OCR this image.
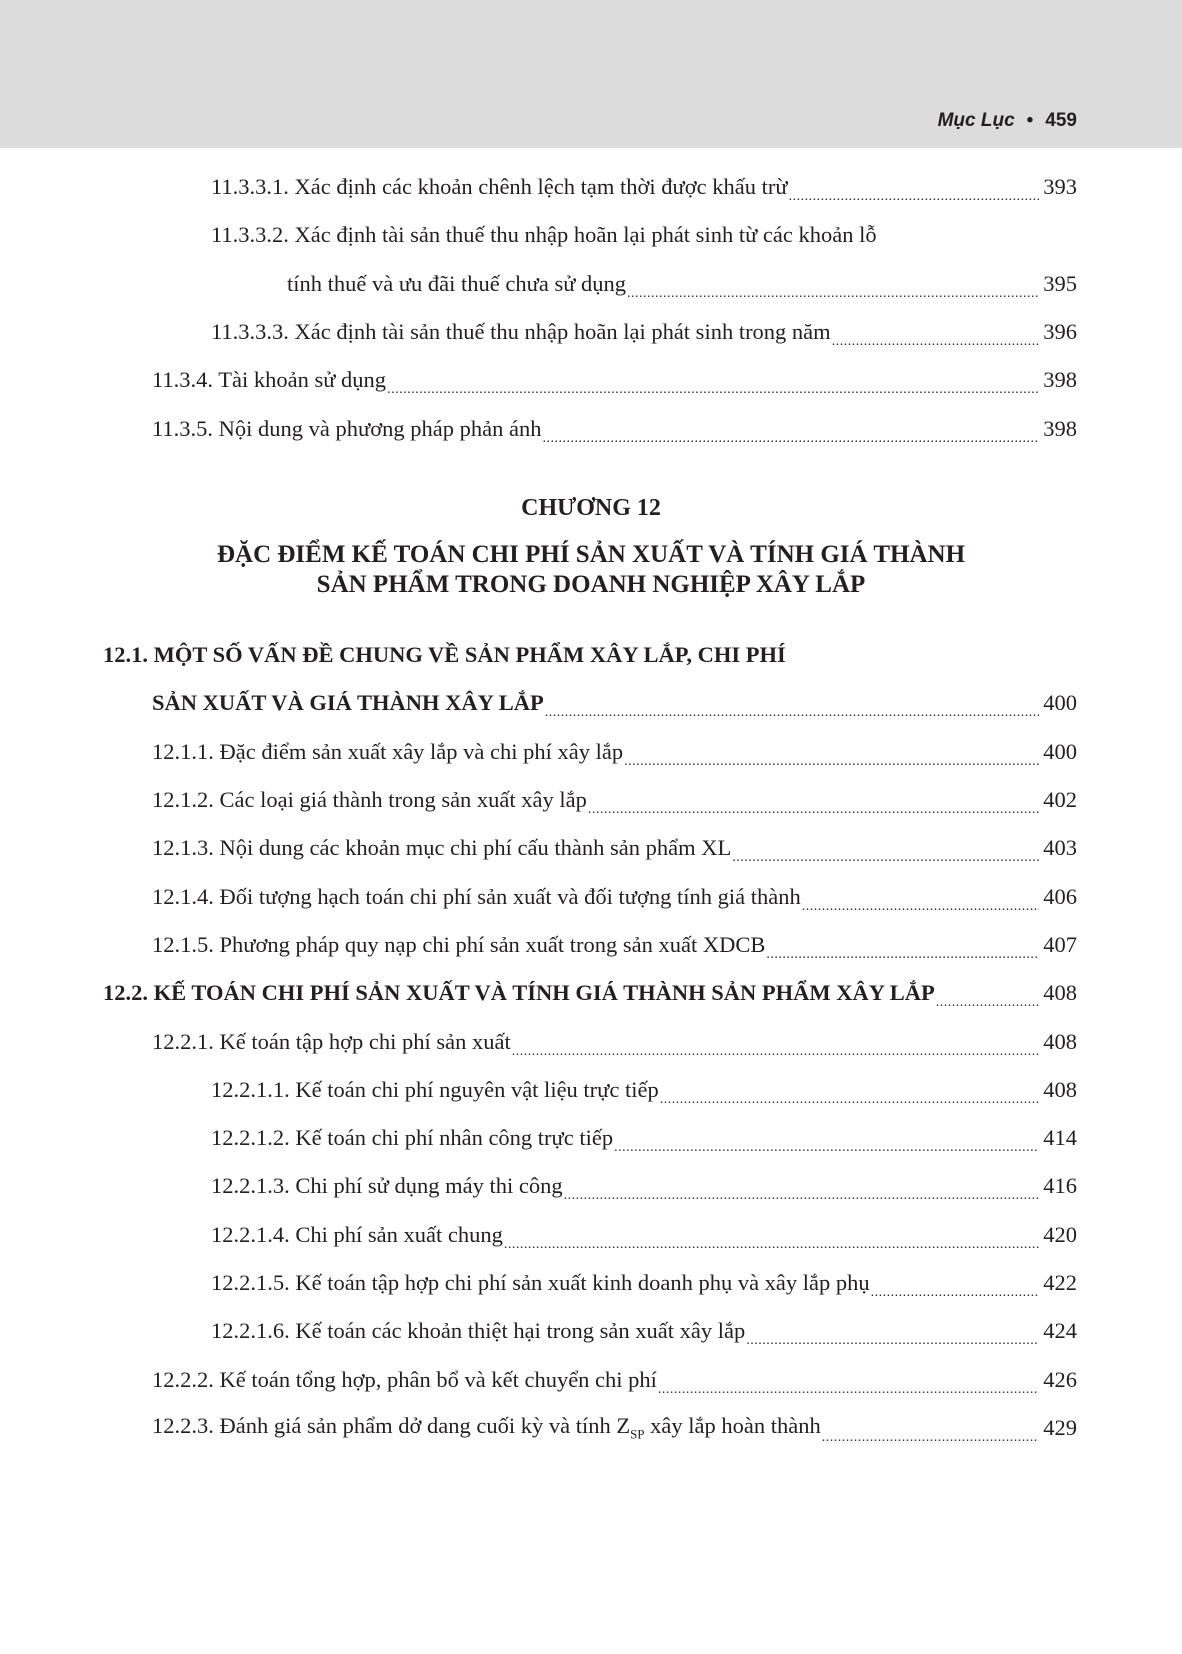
Mục Lục • 459
11.3.3.1. Xác định các khoản chênh lệch tạm thời được khấu trừ .....	393
11.3.3.2. Xác định tài sản thuế thu nhập hoãn lại phát sinh từ các khoản lỗ
tính thuế và ưu đãi thuế chưa sử dụng .....	395
11.3.3.3. Xác định tài sản thuế thu nhập hoãn lại phát sinh trong năm .....	396
11.3.4. Tài khoản sử dụng .....	398
11.3.5. Nội dung và phương pháp phản ánh .....	398
CHƯƠNG 12
ĐẶC ĐIỂM KẾ TOÁN CHI PHÍ SẢN XUẤT VÀ TÍNH GIÁ THÀNH
SẢN PHẨM TRONG DOANH NGHIỆP XÂY LẮP
12.1. MỘT SỐ VẤN ĐỀ CHUNG VỀ SẢN PHẨM XÂY LẮP, CHI PHÍ
SẢN XUẤT VÀ GIÁ THÀNH XÂY LẮP .....	400
12.1.1. Đặc điểm sản xuất xây lắp và chi phí xây lắp .....	400
12.1.2. Các loại giá thành trong sản xuất xây lắp .....	402
12.1.3. Nội dung các khoản mục chi phí cấu thành sản phẩm XL .....	403
12.1.4. Đối tượng hạch toán chi phí sản xuất và đối tượng tính giá thành .....	406
12.1.5. Phương pháp quy nạp chi phí sản xuất trong sản xuất XDCB .....	407
12.2. KẾ TOÁN CHI PHÍ SẢN XUẤT VÀ TÍNH GIÁ THÀNH SẢN PHẨM XÂY LẮP .....	408
12.2.1. Kế toán tập hợp chi phí sản xuất .....	408
12.2.1.1. Kế toán chi phí nguyên vật liệu trực tiếp .....	408
12.2.1.2. Kế toán chi phí nhân công trực tiếp .....	414
12.2.1.3. Chi phí sử dụng máy thi công .....	416
12.2.1.4. Chi phí sản xuất chung .....	420
12.2.1.5. Kế toán tập hợp chi phí sản xuất kinh doanh phụ và xây lắp phụ .....	422
12.2.1.6. Kế toán các khoản thiệt hại trong sản xuất xây lắp .....	424
12.2.2. Kế toán tổng hợp, phân bổ và kết chuyển chi phí .....	426
12.2.3. Đánh giá sản phẩm dở dang cuối kỳ và tính $Z_{SP}$ xây lắp hoàn thành .....	429
